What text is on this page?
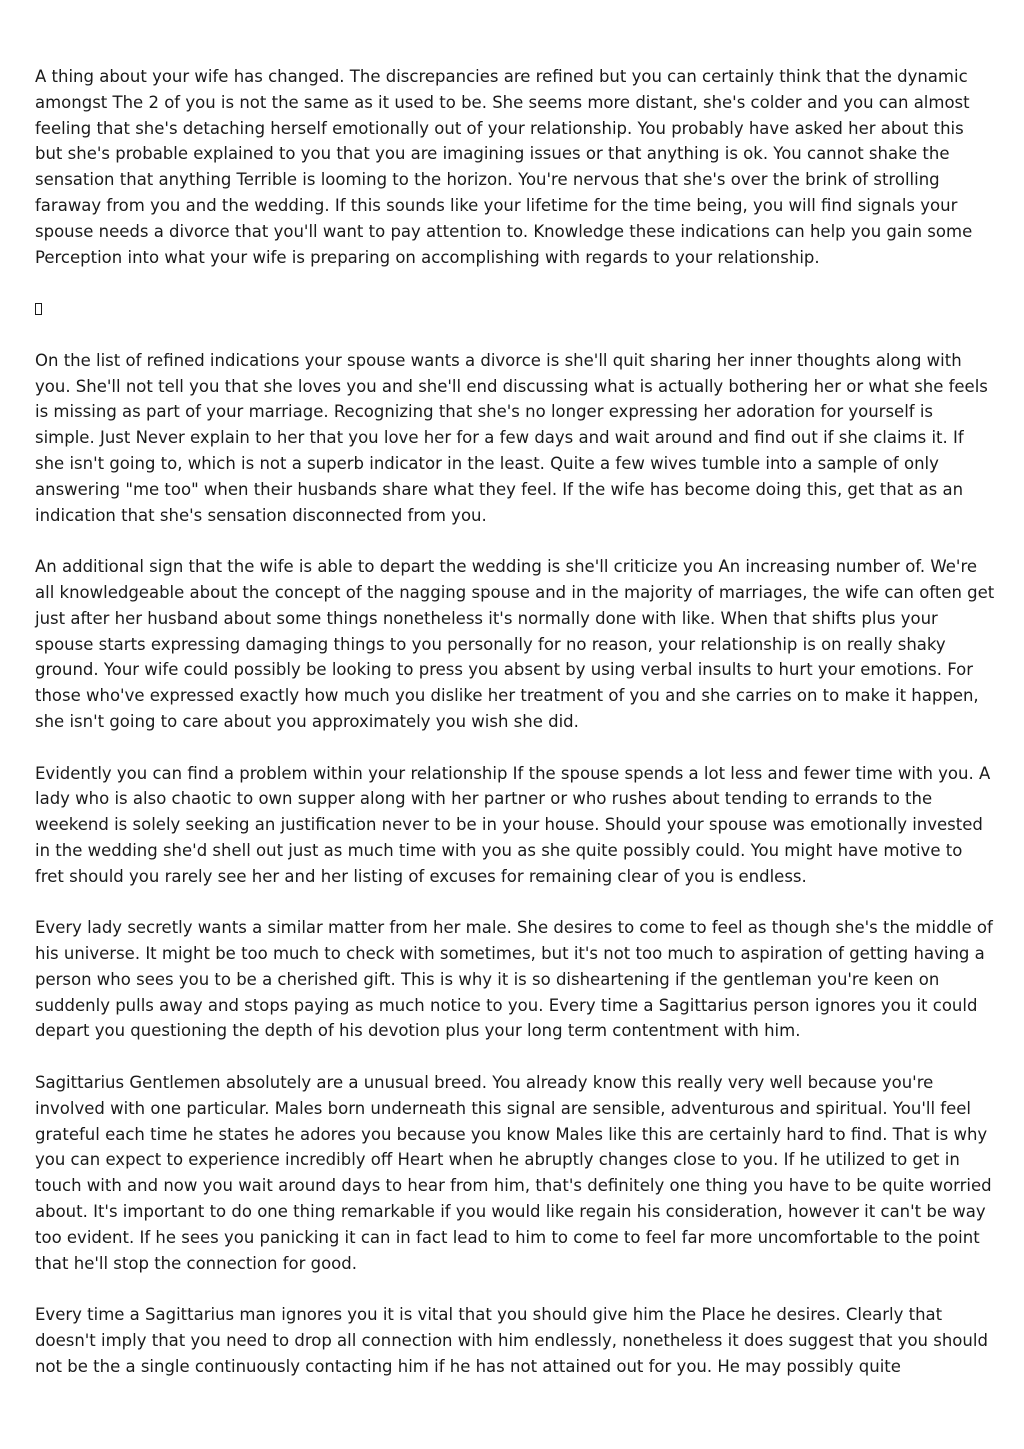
A thing about your wife has changed. The discrepancies are refined but you can certainly think that the dynamic amongst The 2 of you is not the same as it used to be. She seems more distant, she's colder and you can almost feeling that she's detaching herself emotionally out of your relationship. You probably have asked her about this but she's probable explained to you that you are imagining issues or that anything is ok. You cannot shake the sensation that anything Terrible is looming to the horizon. You're nervous that she's over the brink of strolling faraway from you and the wedding. If this sounds like your lifetime for the time being, you will find signals your spouse needs a divorce that you'll want to pay attention to. Knowledge these indications can help you gain some Perception into what your wife is preparing on accomplishing with regards to your relationship.

On the list of refined indications your spouse wants a divorce is she'll quit sharing her inner thoughts along with you. She'll not tell you that she loves you and she'll end discussing what is actually bothering her or what she feels is missing as part of your marriage. Recognizing that she's no longer expressing her adoration for yourself is simple. Just Never explain to her that you love her for a few days and wait around and find out if she claims it. If she isn't going to, which is not a superb indicator in the least. Quite a few wives tumble into a sample of only answering "me too" when their husbands share what they feel. If the wife has become doing this, get that as an indication that she's sensation disconnected from you.

An additional sign that the wife is able to depart the wedding is she'll criticize you An increasing number of. We're all knowledgeable about the concept of the nagging spouse and in the majority of marriages, the wife can often get just after her husband about some things nonetheless it's normally done with like. When that shifts plus your spouse starts expressing damaging things to you personally for no reason, your relationship is on really shaky ground. Your wife could possibly be looking to press you absent by using verbal insults to hurt your emotions. For those who've expressed exactly how much you dislike her treatment of you and she carries on to make it happen, she isn't going to care about you approximately you wish she did.

Evidently you can find a problem within your relationship If the spouse spends a lot less and fewer time with you. A lady who is also chaotic to own supper along with her partner or who rushes about tending to errands to the weekend is solely seeking an justification never to be in your house. Should your spouse was emotionally invested in the wedding she'd shell out just as much time with you as she quite possibly could. You might have motive to fret should you rarely see her and her listing of excuses for remaining clear of you is endless.

Every lady secretly wants a similar matter from her male. She desires to come to feel as though she's the middle of his universe. It might be too much to check with sometimes, but it's not too much to aspiration of getting having a person who sees you to be a cherished gift. This is why it is so disheartening if the gentleman you're keen on suddenly pulls away and stops paying as much notice to you. Every time a Sagittarius person ignores you it could depart you questioning the depth of his devotion plus your long term contentment with him.

Sagittarius Gentlemen absolutely are a unusual breed. You already know this really very well because you're involved with one particular. Males born underneath this signal are sensible, adventurous and spiritual. You'll feel grateful each time he states he adores you because you know Males like this are certainly hard to find. That is why you can expect to experience incredibly off Heart when he abruptly changes close to you. If he utilized to get in touch with and now you wait around days to hear from him, that's definitely one thing you have to be quite worried about. It's important to do one thing remarkable if you would like regain his consideration, however it can't be way too evident. If he sees you panicking it can in fact lead to him to come to feel far more uncomfortable to the point that he'll stop the connection for good.

Every time a Sagittarius man ignores you it is vital that you should give him the Place he desires. Clearly that doesn't imply that you need to drop all connection with him endlessly, nonetheless it does suggest that you should not be the a single continuously contacting him if he has not attained out for you. He may possibly quite
